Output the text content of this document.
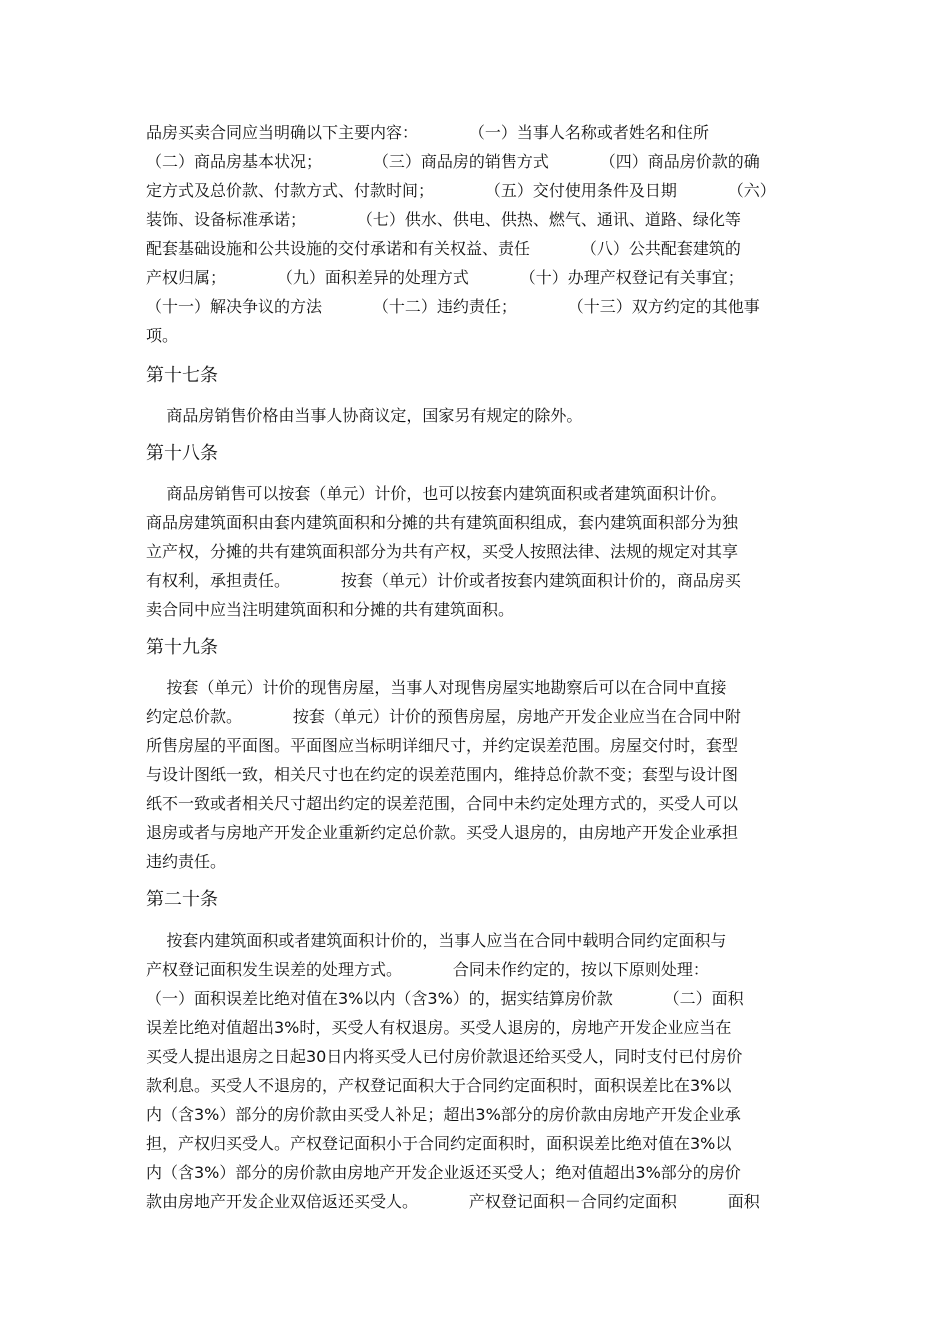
品房买卖合同应当明确以下主要内容：          （一）当事人名称或者姓名和住所
（二）商品房基本状况；          （三）商品房的销售方式          （四）商品房价款的确
定方式及总价款、付款方式、付款时间；          （五）交付使用条件及日期          （六）
装饰、设备标准承诺；          （七）供水、供电、供热、燃气、通讯、道路、绿化等
配套基础设施和公共设施的交付承诺和有关权益、责任          （八）公共配套建筑的
产权归属；          （九）面积差异的处理方式          （十）办理产权登记有关事宜；
（十一）解决争议的方法          （十二）违约责任；          （十三）双方约定的其他事
项。
第十七条
商品房销售价格由当事人协商议定，国家另有规定的除外。
第十八条
商品房销售可以按套（单元）计价，也可以按套内建筑面积或者建筑面积计价。
商品房建筑面积由套内建筑面积和分摊的共有建筑面积组成，套内建筑面积部分为独
立产权，分摊的共有建筑面积部分为共有产权，买受人按照法律、法规的规定对其享
有权利，承担责任。          按套（单元）计价或者按套内建筑面积计价的，商品房买
卖合同中应当注明建筑面积和分摊的共有建筑面积。
第十九条
按套（单元）计价的现售房屋，当事人对现售房屋实地勘察后可以在合同中直接
约定总价款。          按套（单元）计价的预售房屋，房地产开发企业应当在合同中附
所售房屋的平面图。平面图应当标明详细尺寸，并约定误差范围。房屋交付时，套型
与设计图纸一致，相关尺寸也在约定的误差范围内，维持总价款不变；套型与设计图
纸不一致或者相关尺寸超出约定的误差范围，合同中未约定处理方式的，买受人可以
退房或者与房地产开发企业重新约定总价款。买受人退房的，由房地产开发企业承担
违约责任。
第二十条
按套内建筑面积或者建筑面积计价的，当事人应当在合同中载明合同约定面积与
产权登记面积发生误差的处理方式。          合同未作约定的，按以下原则处理：
（一）面积误差比绝对值在3%以内（含3%）的，据实结算房价款          （二）面积
误差比绝对值超出3%时，买受人有权退房。买受人退房的，房地产开发企业应当在
买受人提出退房之日起30日内将买受人已付房价款退还给买受人，同时支付已付房价
款利息。买受人不退房的，产权登记面积大于合同约定面积时，面积误差比在3%以
内（含3%）部分的房价款由买受人补足；超出3%部分的房价款由房地产开发企业承
担，产权归买受人。产权登记面积小于合同约定面积时，面积误差比绝对值在3%以
内（含3%）部分的房价款由房地产开发企业返还买受人；绝对值超出3%部分的房价
款由房地产开发企业双倍返还买受人。          产权登记面积－合同约定面积          面积
